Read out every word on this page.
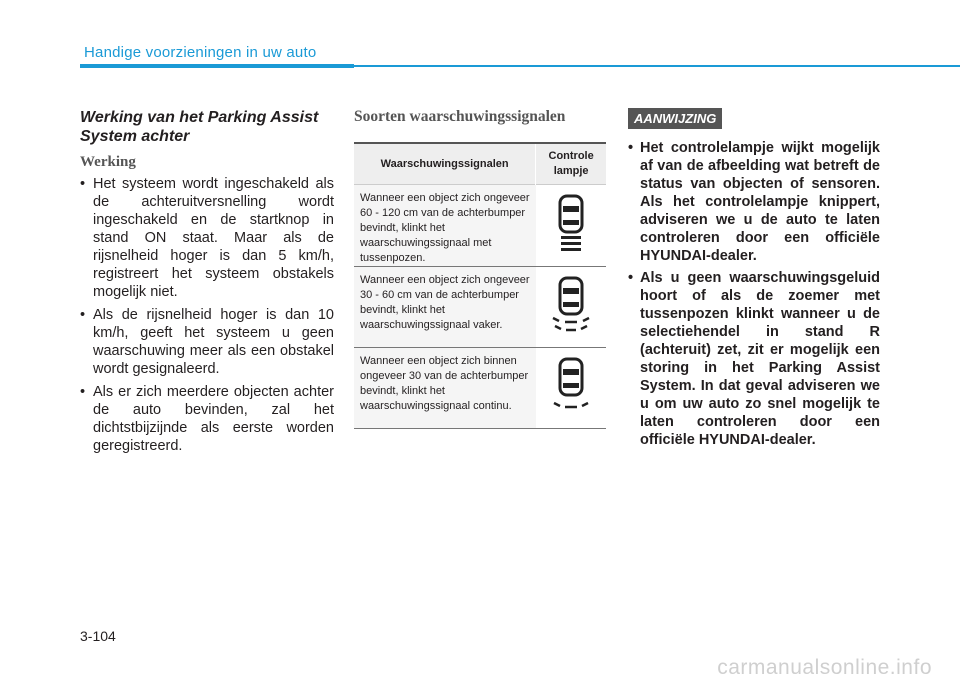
Handige voorzieningen in uw auto
Werking van het Parking Assist System achter
Werking
• Het systeem wordt ingeschakeld als de achteruitversnelling wordt ingeschakeld en de startknop in stand ON staat. Maar als de rijsnelheid hoger is dan 5 km/h, registreert het systeem obstakels mogelijk niet.
• Als de rijsnelheid hoger is dan 10 km/h, geeft het systeem u geen waarschuwing meer als een obstakel wordt gesignaleerd.
• Als er zich meerdere objecten achter de auto bevinden, zal het dichtstbijzijnde als eerste worden geregistreerd.
Soorten waarschuwingssignalen
Waarschuwingssignalen	Controle lampje
Wanneer een object zich ongeveer 60 - 120 cm van de achterbumper bevindt, klinkt het waarschuwingssignaal met tussenpozen.	
Wanneer een object zich ongeveer 30 - 60 cm van de achterbumper bevindt, klinkt het waarschuwingssignaal vaker.	
Wanneer een object zich binnen ongeveer 30 van de achterbumper bevindt, klinkt het waarschuwingssignaal continu.	
AANWIJZING
• Het controlelampje wijkt mogelijk af van de afbeelding wat betreft de status van objecten of sensoren. Als het controlelampje knippert, adviseren we u de auto te laten controleren door een officiële HYUNDAI-dealer.
• Als u geen waarschuwingsgeluid hoort of als de zoemer met tussenpozen klinkt wanneer u de selectiehendel in stand R (achteruit) zet, zit er mogelijk een storing in het Parking Assist System. In dat geval adviseren we u om uw auto zo snel mogelijk te laten controleren door een officiële HYUNDAI-dealer.
3-104
carmanualsonline.info
